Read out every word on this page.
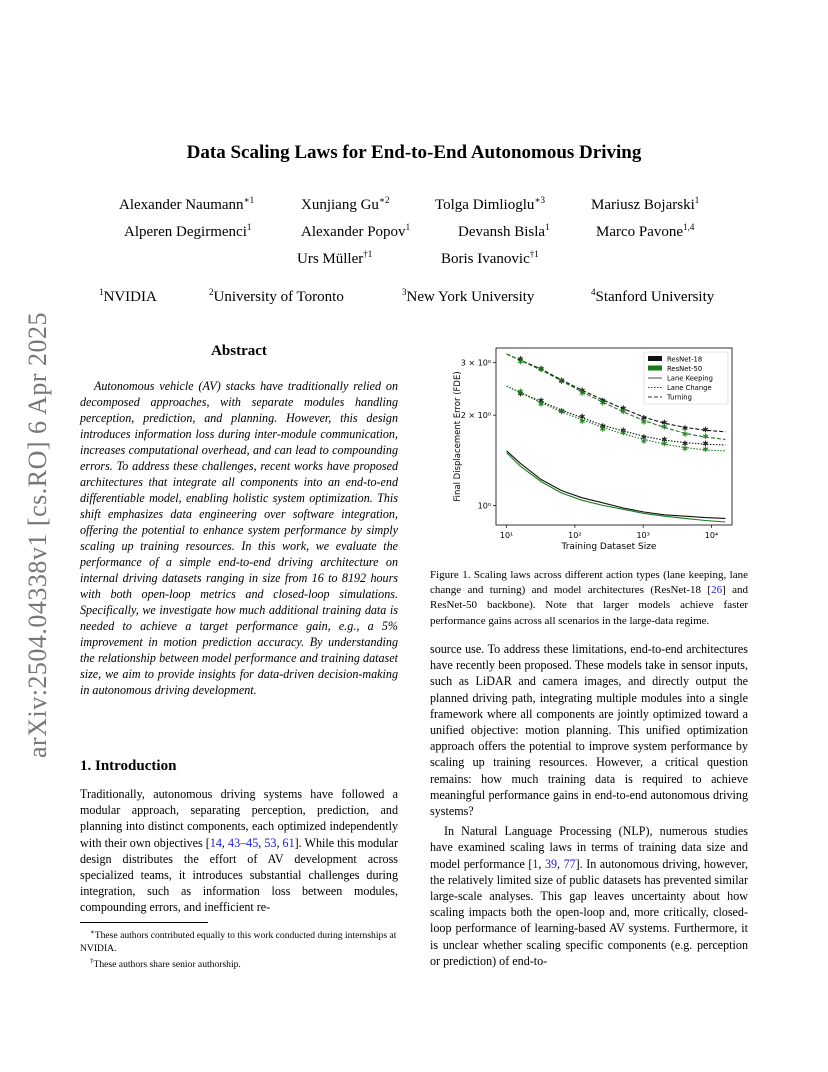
arXiv:2504.04338v1 [cs.RO] 6 Apr 2025
Data Scaling Laws for End-to-End Autonomous Driving
Alexander Naumann$^{∗1}$	Xunjiang $Gu^{∗2}$	Tolga Dimlioglu$^{∗3}$	Mariusz Bojarski$^1$
Alperen Degirmenci$^1$	Alexander Popov$^1$	Devansh Bisla$^1$	Marco Pavone$^{1,4}$
Urs Müller$^{\dagger 1}$	Boris Ivanovic$^{\dagger 1}$
$^1$NVIDIA	$^2$University of Toronto	$^3$New York University	$^4$Stanford University
Abstract

Autonomous vehicle (AV) stacks have traditionally relied on decomposed approaches, with separate modules handling perception, prediction, and planning. However, this design introduces information loss during inter-module communication, increases computational overhead, and can lead to compounding errors. To address these challenges, recent works have proposed architectures that integrate all components into an end-to-end differentiable model, enabling holistic system optimization. This shift emphasizes data engineering over software integration, offering the potential to enhance system performance by simply scaling up training resources. In this work, we evaluate the performance of a simple end-to-end driving architecture on internal driving datasets ranging in size from 16 to 8192 hours with both open-loop metrics and closed-loop simulations. Specifically, we investigate how much additional training data is needed to achieve a target performance gain, e.g., a 5% improvement in motion prediction accuracy. By understanding the relationship between model performance and training dataset size, we aim to provide insights for data-driven decision-making in autonomous driving development.

1. Introduction

Traditionally, autonomous driving systems have followed a modular approach, separating perception, prediction, and planning into distinct components, each optimized independently with their own objectives [14, 43–45, 53, 61]. While this modular design distributes the effort of AV development across specialized teams, it introduces substantial challenges during integration, such as information loss between modules, compounding errors, and inefficient re-

∗These authors contributed equally to this work conducted during internships at NVIDIA.

†These authors share senior authorship.

10¹	10²	10³	10⁴
10⁰
2 × 10⁰
3 × 10⁰
Training Dataset Size
Final Displacement Error (FDE)
ResNet-18
ResNet-50
Lane Keeping
Lane Change
Turning
Figure 1. Scaling laws across different action types (lane keeping, lane change and turning) and model architectures (ResNet-18 [26] and ResNet-50 backbone). Note that larger models achieve faster performance gains across all scenarios in the large-data regime.

source use. To address these limitations, end-to-end architectures have recently been proposed. These models take in sensor inputs, such as LiDAR and camera images, and directly output the planned driving path, integrating multiple modules into a single framework where all components are jointly optimized toward a unified objective: motion planning. This unified optimization approach offers the potential to improve system performance by scaling up training resources. However, a critical question remains: how much training data is required to achieve meaningful performance gains in end-to-end autonomous driving systems?

In Natural Language Processing (NLP), numerous studies have examined scaling laws in terms of training data size and model performance [1, 39, 77]. In autonomous driving, however, the relatively limited size of public datasets has prevented similar large-scale analyses. This gap leaves uncertainty about how scaling impacts both the open-loop and, more critically, closed-loop performance of learning-based AV systems. Furthermore, it is unclear whether scaling specific components (e.g. perception or prediction) of end-to-
